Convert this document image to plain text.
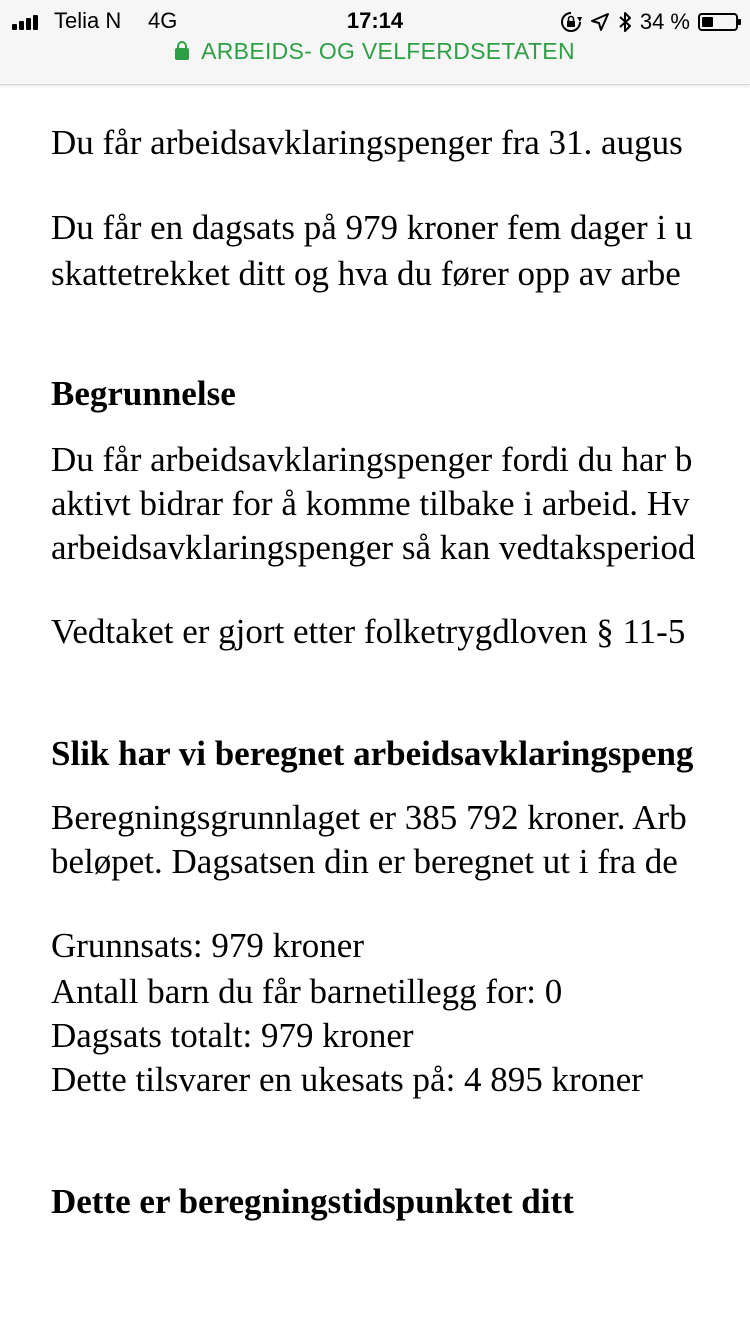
Telia N 4G	17:14	34 %
ARBEIDS- OG VELFERDSETATEN
Du får arbeidsavklaringspenger fra 31. augus
Du får en dagsats på 979 kroner fem dager i u
skattetrekket ditt og hva du fører opp av arbe
Begrunnelse
Du får arbeidsavklaringspenger fordi du har b
aktivt bidrar for å komme tilbake i arbeid. Hv
arbeidsavklaringspenger så kan vedtaksperiod
Vedtaket er gjort etter folketrygdloven § 11-5
Slik har vi beregnet arbeidsavklaringspeng
Beregningsgrunnlaget er 385 792 kroner. Arb
beløpet. Dagsatsen din er beregnet ut i fra de
Grunnsats: 979 kroner
Antall barn du får barnetillegg for: 0
Dagsats totalt: 979 kroner
Dette tilsvarer en ukesats på: 4 895 kroner
Dette er beregningstidspunktet ditt
